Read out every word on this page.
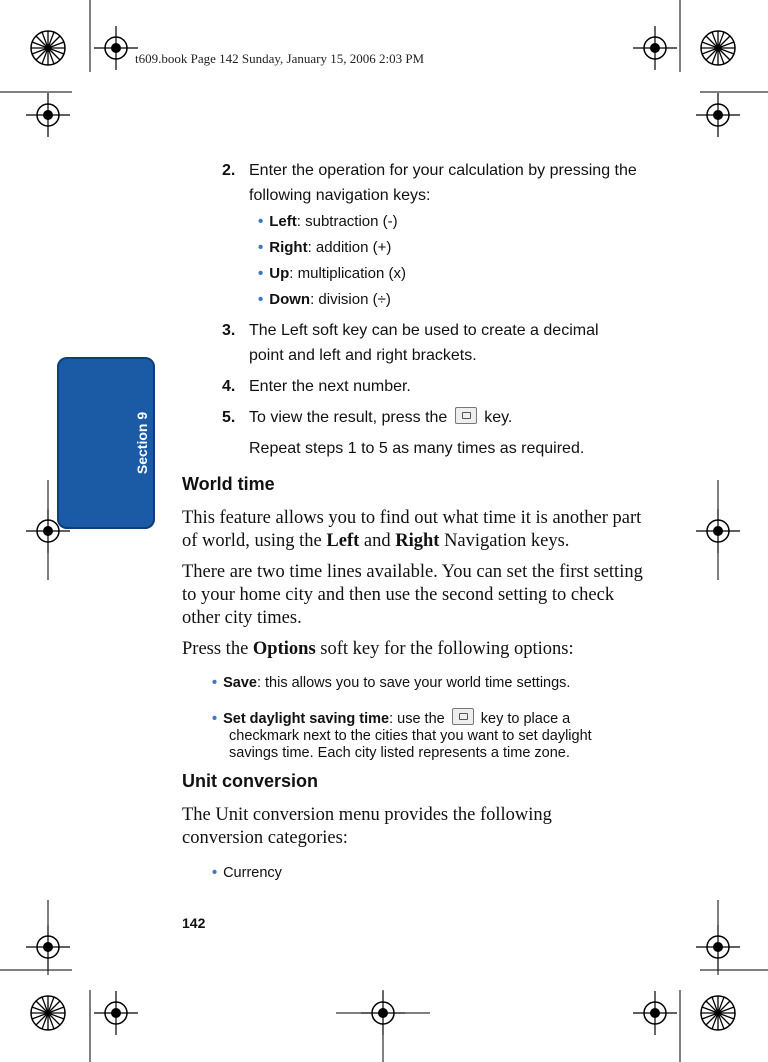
t609.book Page 142 Sunday, January 15, 2006 2:03 PM
Section 9
2. Enter the operation for your calculation by pressing the following navigation keys:
• Left: subtraction (-)
• Right: addition (+)
• Up: multiplication (x)
• Down: division (÷)
3. The Left soft key can be used to create a decimal point and left and right brackets.
4. Enter the next number.
5. To view the result, press the key.
Repeat steps 1 to 5 as many times as required.
World time
This feature allows you to find out what time it is another part of world, using the Left and Right Navigation keys.
There are two time lines available. You can set the first setting to your home city and then use the second setting to check other city times.
Press the Options soft key for the following options:
• Save: this allows you to save your world time settings.
• Set daylight saving time: use the key to place a
checkmark next to the cities that you want to set daylight
savings time. Each city listed represents a time zone.
Unit conversion
The Unit conversion menu provides the following conversion categories:
• Currency
142
